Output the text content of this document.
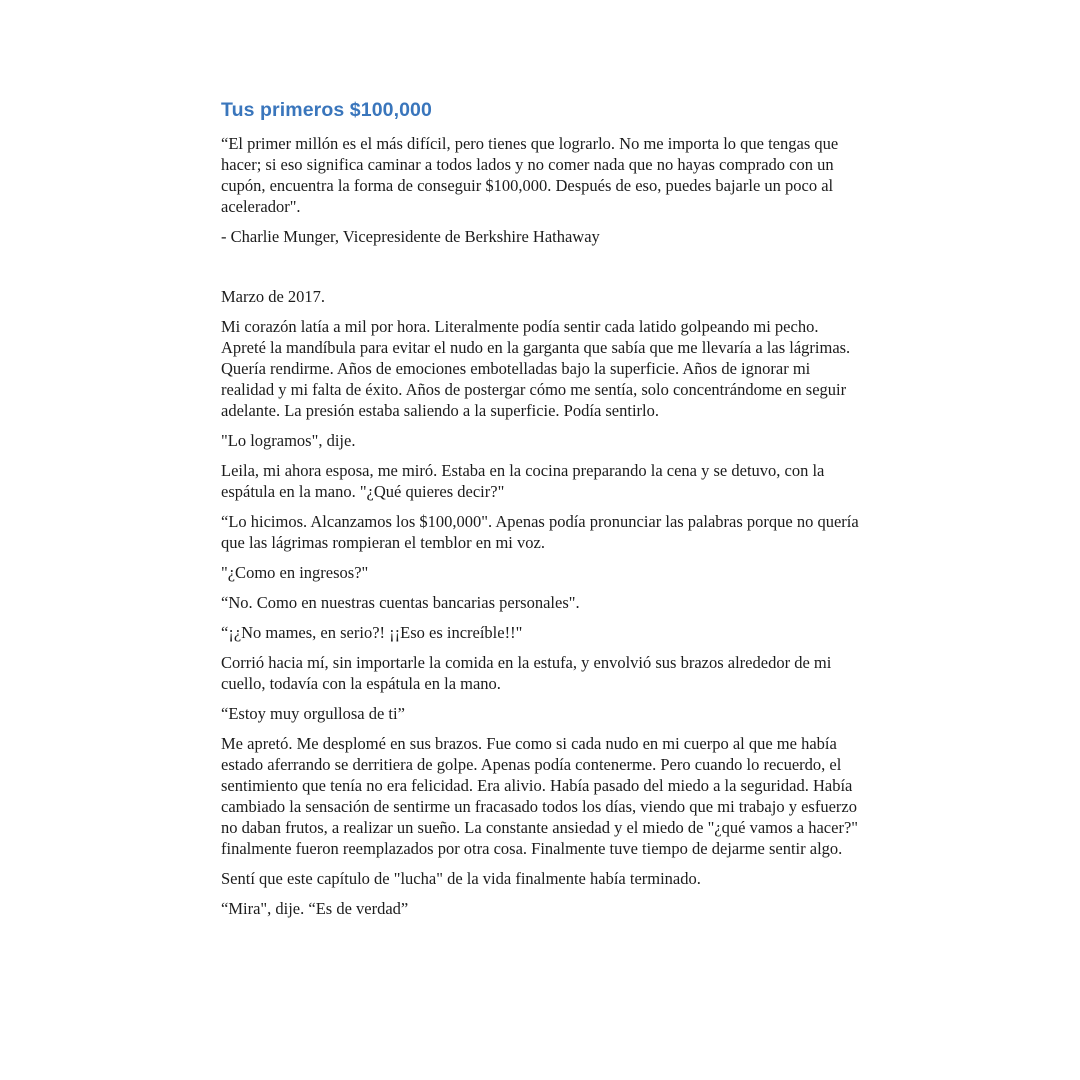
Tus primeros $100,000

“El primer millón es el más difícil, pero tienes que lograrlo. No me importa lo que tengas que hacer; si eso significa caminar a todos lados y no comer nada que no hayas comprado con un cupón, encuentra la forma de conseguir $100,000. Después de eso, puedes bajarle un poco al acelerador".

- Charlie Munger, Vicepresidente de Berkshire Hathaway

Marzo de 2017.

Mi corazón latía a mil por hora. Literalmente podía sentir cada latido golpeando mi pecho. Apreté la mandíbula para evitar el nudo en la garganta que sabía que me llevaría a las lágrimas. Quería rendirme. Años de emociones embotelladas bajo la superficie. Años de ignorar mi realidad y mi falta de éxito. Años de postergar cómo me sentía, solo concentrándome en seguir adelante. La presión estaba saliendo a la superficie. Podía sentirlo.

"Lo logramos", dije.

Leila, mi ahora esposa, me miró. Estaba en la cocina preparando la cena y se detuvo, con la espátula en la mano. "¿Qué quieres decir?"

“Lo hicimos. Alcanzamos los $100,000". Apenas podía pronunciar las palabras porque no quería que las lágrimas rompieran el temblor en mi voz.

"¿Como en ingresos?"

“No. Como en nuestras cuentas bancarias personales".

“¡¿No mames, en serio?! ¡¡Eso es increíble!!"

Corrió hacia mí, sin importarle la comida en la estufa, y envolvió sus brazos alrededor de mi cuello, todavía con la espátula en la mano.

“Estoy muy orgullosa de ti”

Me apretó. Me desplomé en sus brazos. Fue como si cada nudo en mi cuerpo al que me había estado aferrando se derritiera de golpe. Apenas podía contenerme. Pero cuando lo recuerdo, el sentimiento que tenía no era felicidad. Era alivio. Había pasado del miedo a la seguridad. Había cambiado la sensación de sentirme un fracasado todos los días, viendo que mi trabajo y esfuerzo no daban frutos, a realizar un sueño. La constante ansiedad y el miedo de "¿qué vamos a hacer?" finalmente fueron reemplazados por otra cosa. Finalmente tuve tiempo de dejarme sentir algo.

Sentí que este capítulo de "lucha" de la vida finalmente había terminado.

“Mira", dije. “Es de verdad”
